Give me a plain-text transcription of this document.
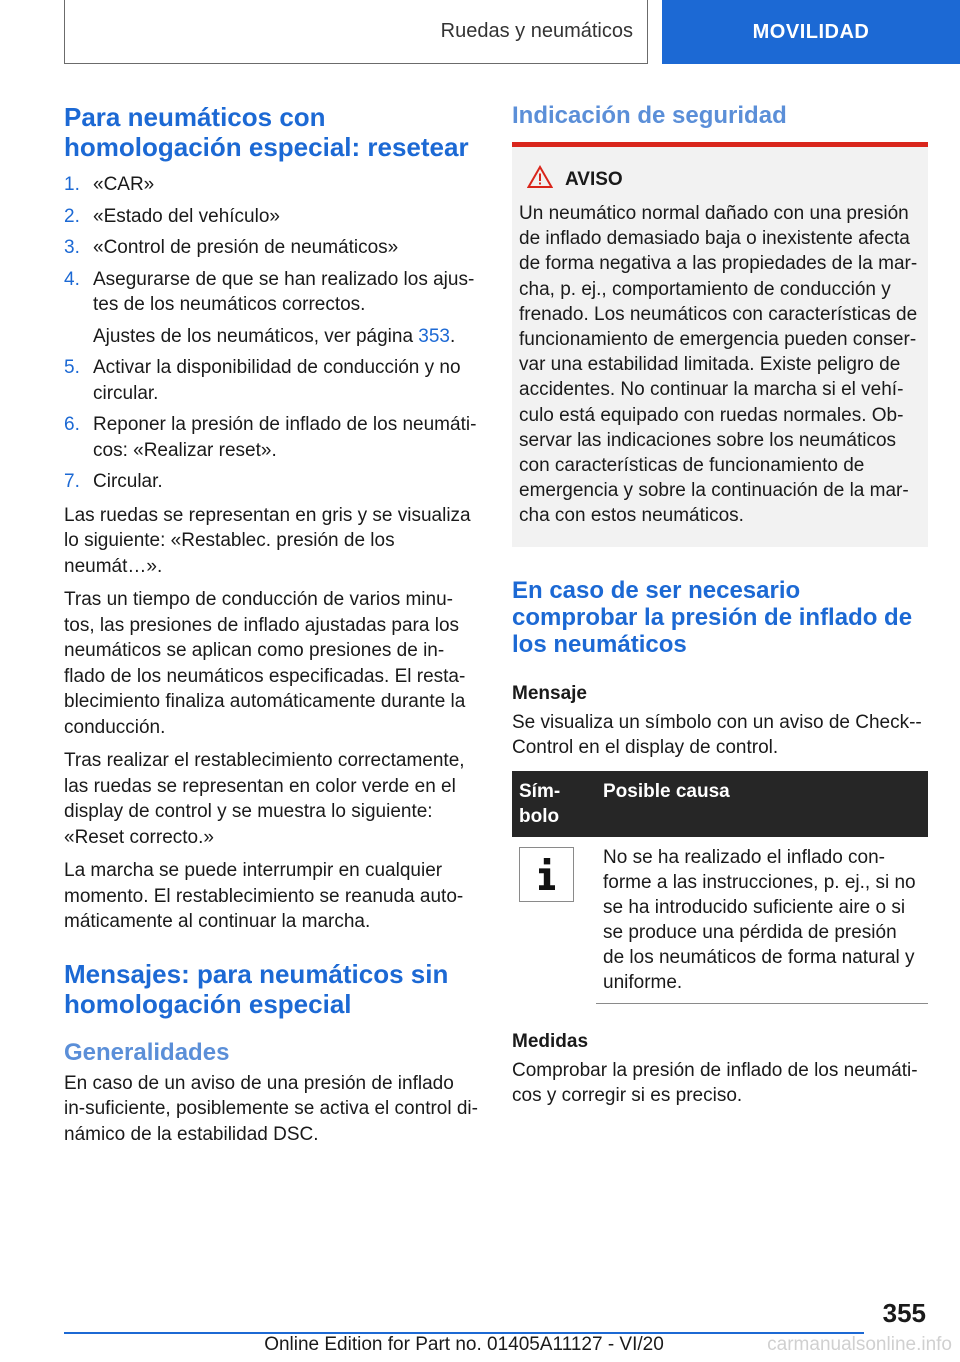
Ruedas y neumáticos	MOVILIDAD
Para neumáticos con homologación especial: resetear
1. «CAR»
2. «Estado del vehículo»
3. «Control de presión de neumáticos»
4. Asegurarse de que se han realizado los ajus-tes de los neumáticos correctos.
Ajustes de los neumáticos, ver página 353.
5. Activar la disponibilidad de conducción y no circular.
6. Reponer la presión de inflado de los neumáti-cos: «Realizar reset».
7. Circular.

Las ruedas se representan en gris y se visualiza lo siguiente: «Restablec. presión de los neumát…».

Tras un tiempo de conducción de varios minu-tos, las presiones de inflado ajustadas para los neumáticos se aplican como presiones de in-flado de los neumáticos especificadas. El resta-blecimiento finaliza automáticamente durante la conducción.

Tras realizar el restablecimiento correctamente, las ruedas se representan en color verde en el display de control y se muestra lo siguiente: «Reset correcto.»

La marcha se puede interrumpir en cualquier momento. El restablecimiento se reanuda auto-máticamente al continuar la marcha.

Mensajes: para neumáticos sin homologación especial
Generalidades

En caso de un aviso de una presión de inflado in-suficiente, posiblemente se activa el control di-námico de la estabilidad DSC.

Indicación de seguridad
AVISO

Un neumático normal dañado con una presión de inflado demasiado baja o inexistente afecta de forma negativa a las propiedades de la mar-cha, p. ej., comportamiento de conducción y frenado. Los neumáticos con características de funcionamiento de emergencia pueden conser-var una estabilidad limitada. Existe peligro de accidentes. No continuar la marcha si el vehí-culo está equipado con ruedas normales. Ob-servar las indicaciones sobre los neumáticos con características de funcionamiento de emergencia y sobre la continuación de la mar-cha con estos neumáticos.

En caso de ser necesario comprobar la presión de inflado de los neumáticos
Mensaje

Se visualiza un símbolo con un aviso de Check--Control en el display de control.

Sím-bolo	Posible causa

	No se ha realizado el inflado con-forme a las instrucciones, p. ej., si no se ha introducido suficiente aire o si se produce una pérdida de presión de los neumáticos de forma natural y uniforme.
Medidas

Comprobar la presión de inflado de los neumáti-cos y corregir si es preciso.

355
Online Edition for Part no. 01405A11127 - VI/20	carmanualsonline.info
